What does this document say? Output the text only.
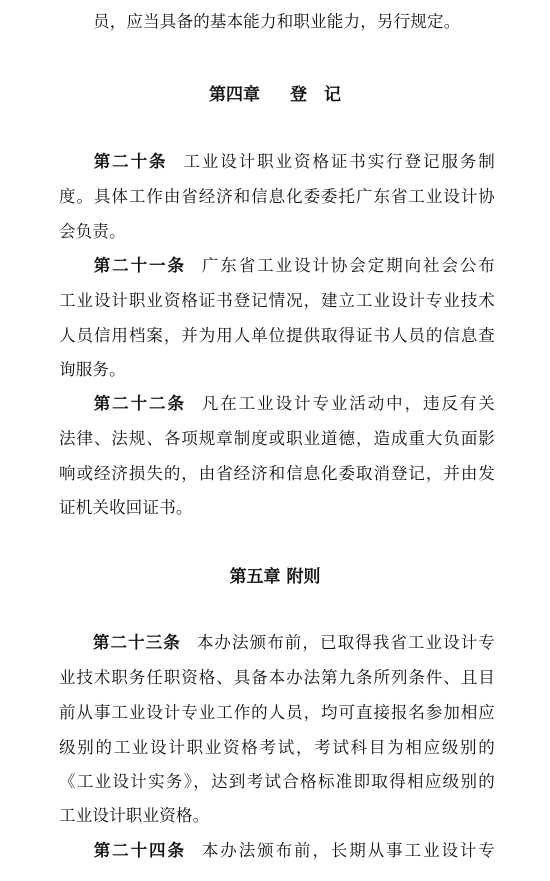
员，应当具备的基本能力和职业能力，另行规定。
第四章 登　记
第二十条 工业设计职业资格证书实行登记服务制
度。具体工作由省经济和信息化委委托广东省工业设计协
会负责。
第二十一条 广东省工业设计协会定期向社会公布
工业设计职业资格证书登记情况，建立工业设计专业技术
人员信用档案，并为用人单位提供取得证书人员的信息查
询服务。
第二十二条 凡在工业设计专业活动中，违反有关
法律、法规、各项规章制度或职业道德，造成重大负面影
响或经济损失的，由省经济和信息化委取消登记，并由发
证机关收回证书。
第五章 附则
第二十三条 本办法颁布前，已取得我省工业设计专
业技术职务任职资格、具备本办法第九条所列条件、且目
前从事工业设计专业工作的人员，均可直接报名参加相应
级别的工业设计职业资格考试，考试科目为相应级别的
《工业设计实务》，达到考试合格标准即取得相应级别的
工业设计职业资格。
第二十四条 本办法颁布前，长期从事工业设计专
